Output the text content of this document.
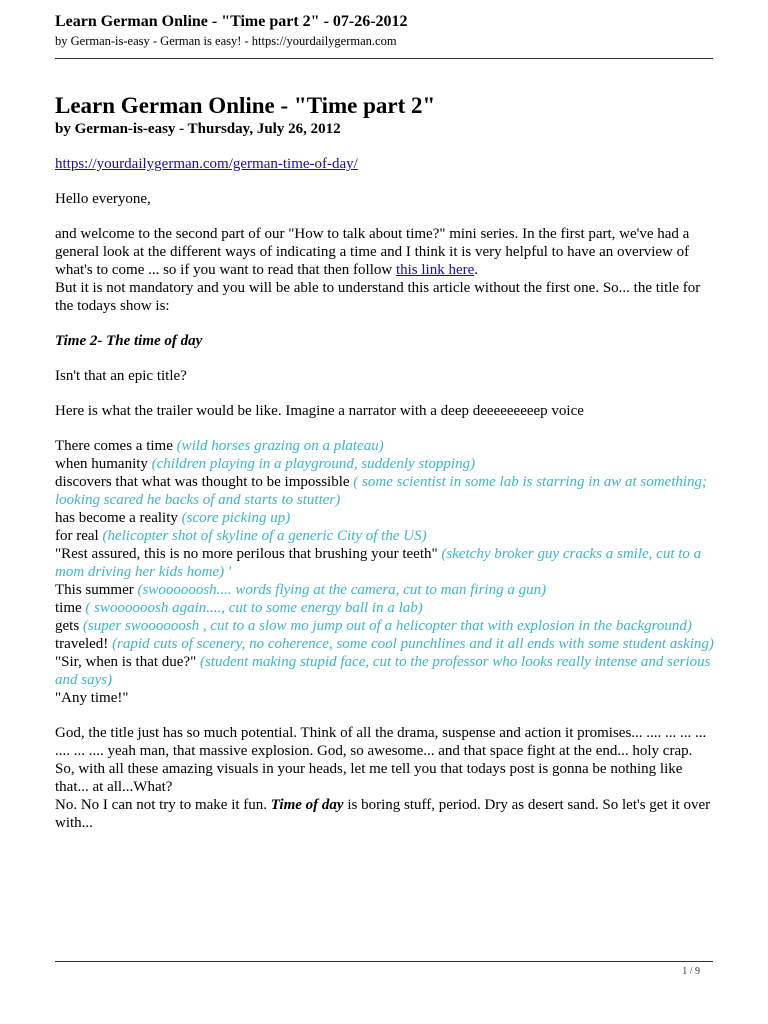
Learn German Online - "Time part 2" - 07-26-2012

by German-is-easy - German is easy! - https://yourdailygerman.com

Learn German Online - "Time part 2"

by German-is-easy - Thursday, July 26, 2012

https://yourdailygerman.com/german-time-of-day/

Hello everyone,

and welcome to the second part of our "How to talk about time?" mini series. In the first part, we've had a general look at the different ways of indicating a time and I think it is very helpful to have an overview of what's to come ... so if you want to read that then follow this link here.

But it is not mandatory and you will be able to understand this article without the first one. So... the title for the todays show is:

Time 2- The time of day

Isn't that an epic title?

Here is what the trailer would be like. Imagine a narrator with a deep deeeeeeeeep voice

There comes a time (wild horses grazing on a plateau)

when humanity (children playing in a playground, suddenly stopping)

discovers that what was thought to be impossible ( some scientist in some lab is starring in aw at something; looking scared he backs of and starts to stutter)

has become a reality (score picking up)

for real (helicopter shot of skyline of a generic City of the US)

"Rest assured, this is no more perilous that brushing your teeth" (sketchy broker guy cracks a smile, cut to a mom driving her kids home) '

This summer (swoooooosh.... words flying at the camera, cut to man firing a gun)

time ( swoooooosh again...., cut to some energy ball in a lab)

gets (super swoooooosh , cut to a slow mo jump out of a helicopter that with explosion in the background)

traveled! (rapid cuts of scenery, no coherence, some cool punchlines and it all ends with some student asking)

"Sir, when is that due?" (student making stupid face, cut to the professor who looks really intense and serious and says)

"Any time!"

God, the title just has so much potential. Think of all the drama, suspense and action it promises... .... ... ... ... .... ... .... yeah man, that massive explosion. God, so awesome... and that space fight at the end... holy crap.

So, with all these amazing visuals in your heads, let me tell you that todays post is gonna be nothing like that... at all...What?

No. No I can not try to make it fun. Time of day is boring stuff, period. Dry as desert sand. So let's get it over with...

1 / 9
